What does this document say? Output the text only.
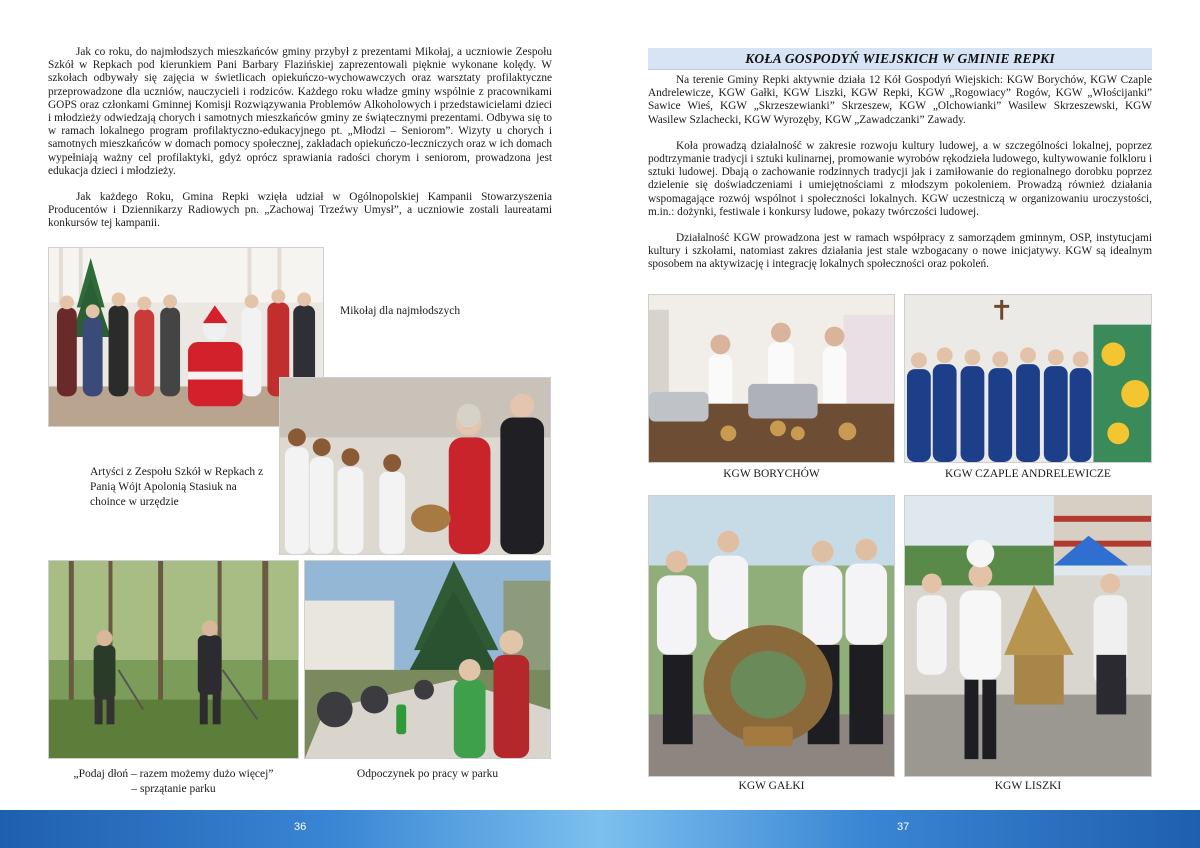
Jak co roku, do najmłodszych mieszkańców gminy przybył z prezentami Mikołaj, a uczniowie Zespołu Szkół w Repkach pod kierunkiem Pani Barbary Flazińskiej zaprezentowali pięknie wykonane kolędy. W szkołach odbywały się zajęcia w świetlicach opiekuńczo-wychowawczych oraz warsztaty profilaktyczne przeprowadzone dla uczniów, nauczycieli i rodziców. Każdego roku władze gminy wspólnie z pracownikami GOPS oraz członkami Gminnej Komisji Rozwiązywania Problemów Alkoholowych i przedstawicielami dzieci i młodzieży odwiedzają chorych i samotnych mieszkańców gminy ze świątecznymi prezentami. Odbywa się to w ramach lokalnego program profilaktyczno-edukacyjnego pt. „Młodzi – Seniorom”. Wizyty u chorych i samotnych mieszkańców w domach pomocy społecznej, zakładach opiekuńczo-leczniczych oraz w ich domach wypełniają ważny cel profilaktyki, gdyż oprócz sprawiania radości chorym i seniorom, prowadzona jest edukacja dzieci i młodzieży.

Jak każdego Roku, Gmina Repki wzięła udział w Ogólnopolskiej Kampanii Stowarzyszenia Producentów i Dziennikarzy Radiowych pn. „Zachowaj Trzeźwy Umysł”, a uczniowie zostali laureatami konkursów tej kampanii.

Mikołaj dla najmłodszych
Artyści z Zespołu Szkół w Repkach z Panią Wójt Apolonią Stasiuk na choince w urzędzie
„Podaj dłoń – razem możemy dużo więcej”
– sprzątanie parku
Odpoczynek po pracy w parku
KOŁA GOSPODYŃ WIEJSKICH W GMINIE REPKI

Na terenie Gminy Repki aktywnie działa 12 Kół Gospodyń Wiejskich: KGW Borychów, KGW Czaple Andrelewicze, KGW Gałki, KGW Liszki, KGW Repki, KGW „Rogowiacy” Rogów, KGW „Włościjanki” Sawice Wieś, KGW „Skrzeszewianki” Skrzeszew, KGW „Olchowianki” Wasilew Skrzeszewski, KGW Wasilew Szlachecki, KGW Wyrozęby, KGW „Zawadczanki” Zawady.

Koła prowadzą działalność w zakresie rozwoju kultury ludowej, a w szczególności lokalnej, poprzez podtrzymanie tradycji i sztuki kulinarnej, promowanie wyrobów rękodzieła ludowego, kultywowanie folkloru i sztuki ludowej. Dbają o zachowanie rodzinnych tradycji jak i zamiłowanie do regionalnego dorobku poprzez dzielenie się doświadczeniami i umiejętnościami z młodszym pokoleniem. Prowadzą również działania wspomagające rozwój wspólnot i społeczności lokalnych. KGW uczestniczą w organizowaniu uroczystości, m.in.: dożynki, festiwale i konkursy ludowe, pokazy twórczości ludowej.

Działalność KGW prowadzona jest w ramach współpracy z samorządem gminnym, OSP, instytucjami kultury i szkołami, natomiast zakres działania jest stale wzbogacany o nowe inicjatywy. KGW są idealnym sposobem na aktywizację i integrację lokalnych społeczności oraz pokoleń.

KGW BORYCHÓW	KGW CZAPLE ANDRELEWICZE
KGW GAŁKI	KGW LISZKI
36	37
